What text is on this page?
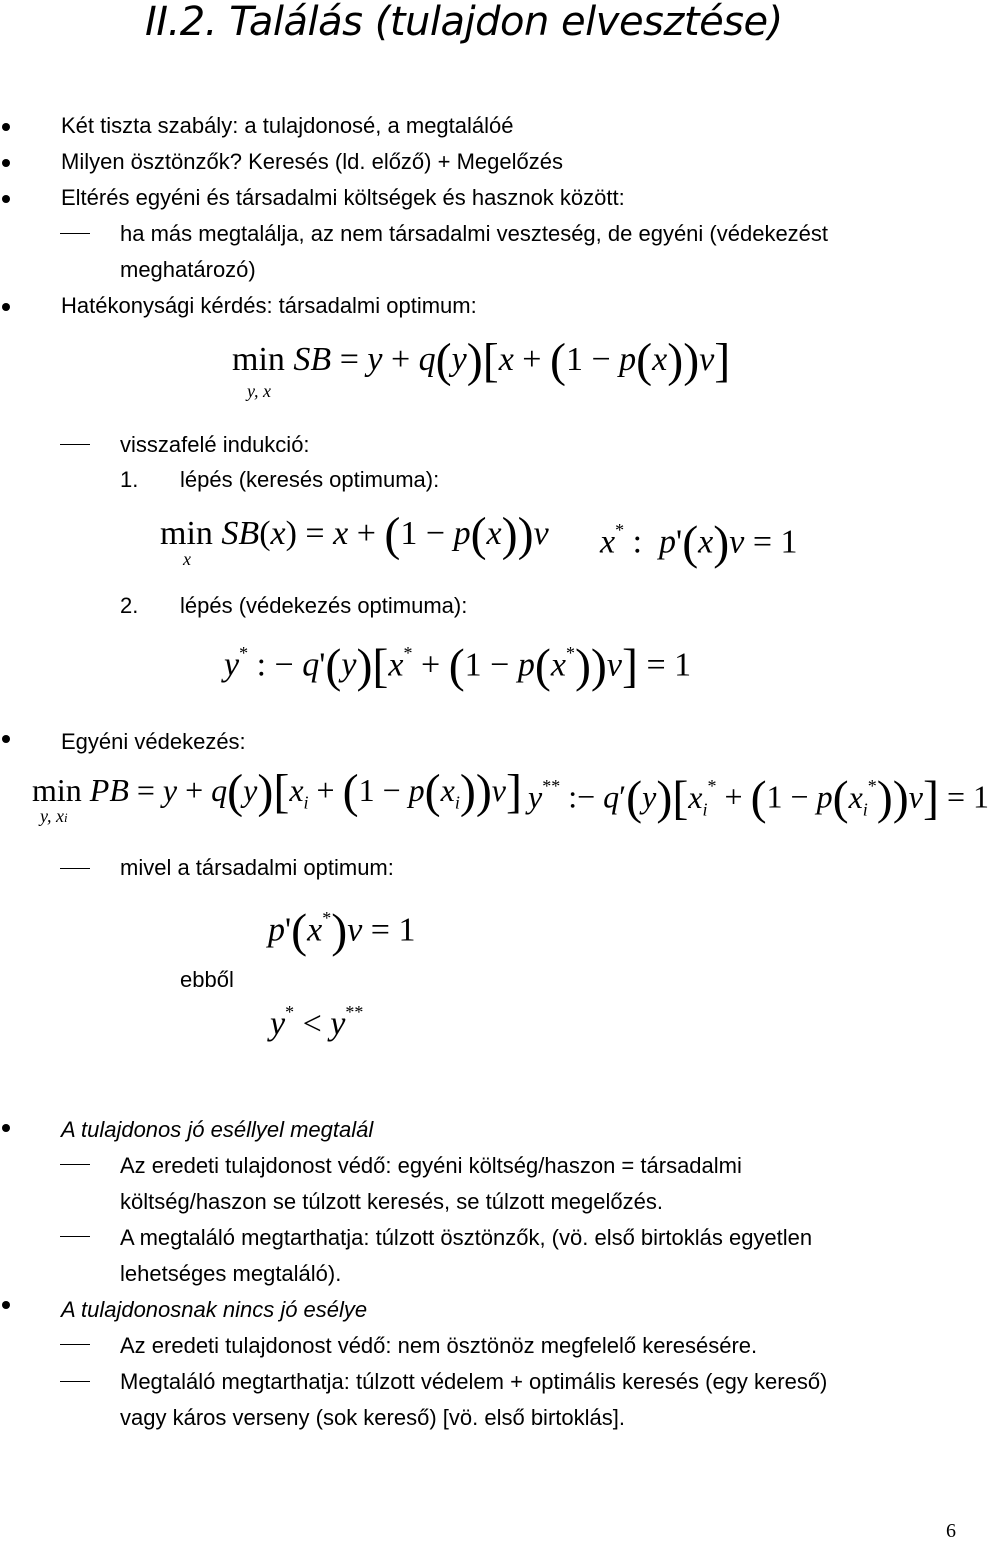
II.2. Találás (tulajdon elvesztése)
Két tiszta szabály: a tulajdonosé, a megtalálóé
Milyen ösztönzők? Keresés (ld. előző) + Megelőzés
Eltérés egyéni és társadalmi költségek és hasznok között:
ha más megtalálja, az nem társadalmi veszteség, de egyéni (védekezést
meghatározó)
Hatékonysági kérdés: társadalmi optimum:
min SB = y + q(y)[x + (1 − p(x))v]
y, x
visszafelé indukció:
1. lépés (keresés optimuma):
min SB(x) = x + (1 − p(x))v
x	x* :  p'(x)v = 1
2. lépés (védekezés optimuma):
y* : − q'(y)[x* + (1 − p(x*))v] = 1
Egyéni védekezés:
min PB = $y + q(y)[x_i + (1 - p(x_i))v]$
y, xi
y** :− $q'(y)[x_i^* + (1 - p(x_i^*))v] = 1$
mivel a társadalmi optimum:
p'(x*)v = 1
ebből
y* < y**
A tulajdonos jó eséllyel megtalál
Az eredeti tulajdonost védő: egyéni költség/haszon = társadalmi
költség/haszon se túlzott keresés, se túlzott megelőzés.
A megtaláló megtarthatja: túlzott ösztönzők, (vö. első birtoklás egyetlen
lehetséges megtaláló).
A tulajdonosnak nincs jó esélye
Az eredeti tulajdonost védő: nem ösztönöz megfelelő keresésére.
Megtaláló megtarthatja: túlzott védelem + optimális keresés (egy kereső)
vagy káros verseny (sok kereső) [vö. első birtoklás].
6
